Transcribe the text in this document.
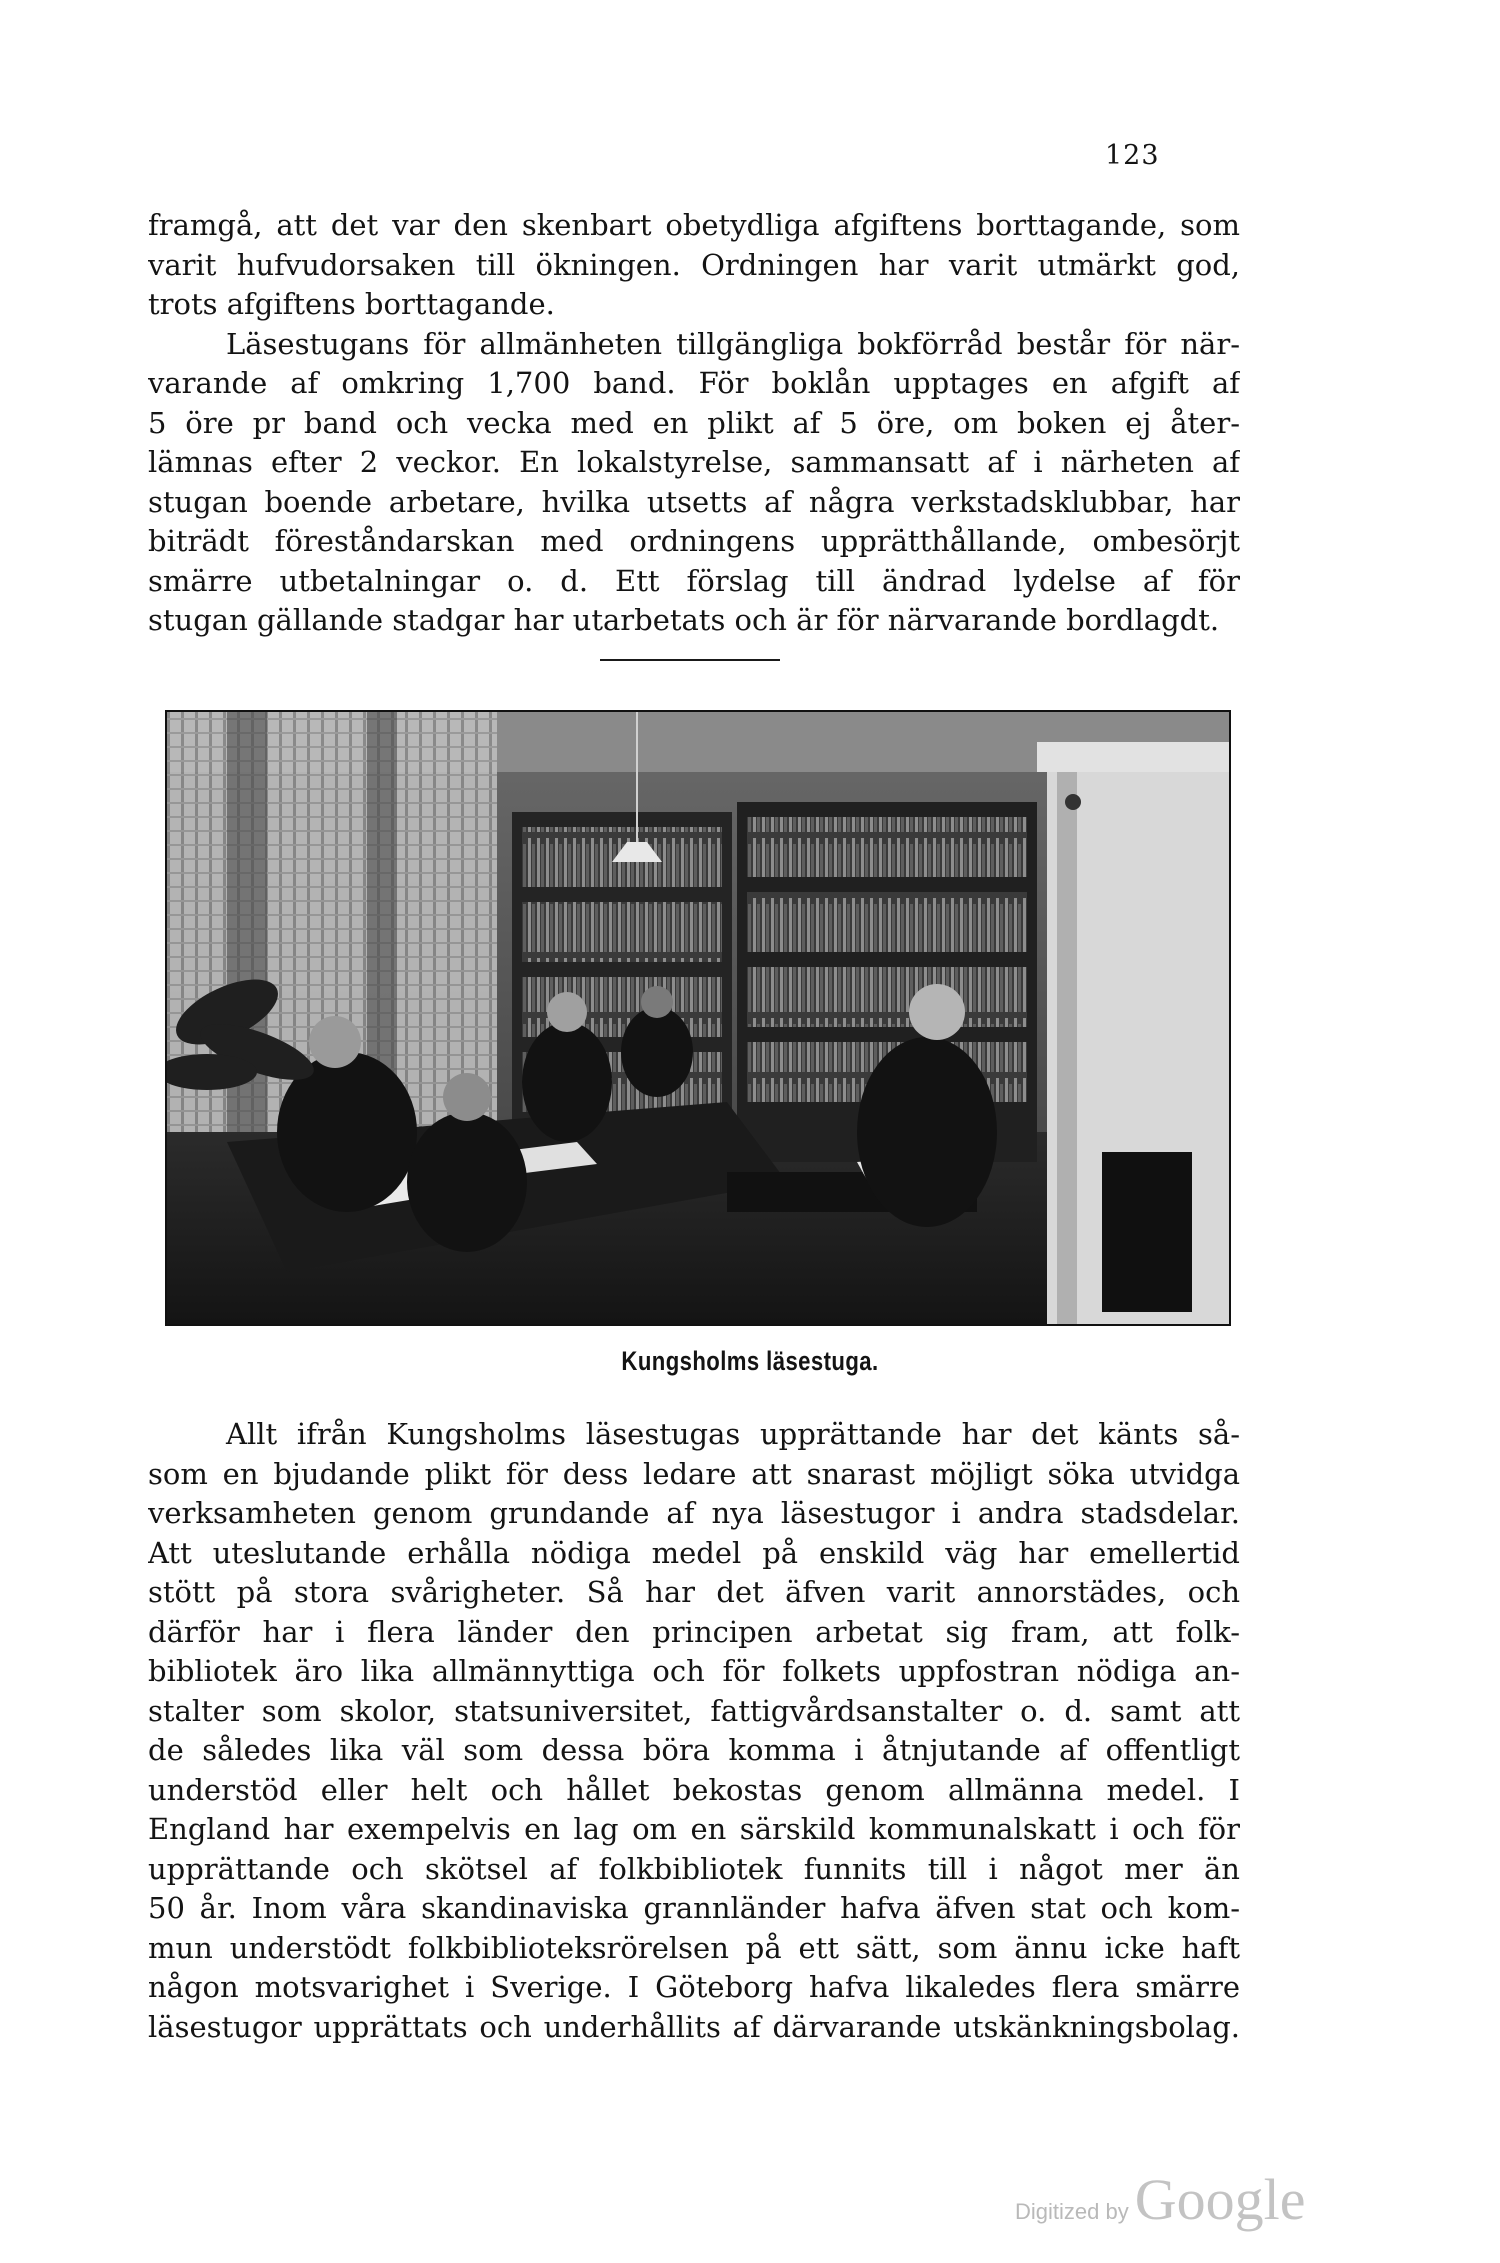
123
framgå, att det var den skenbart obetydliga afgiftens borttagande, som
varit hufvudorsaken till ökningen. Ordningen har varit utmärkt god,
trots afgiftens borttagande.
Läsestugans för allmänheten tillgängliga bokförråd består för när-
varande af omkring 1,700 band. För boklån upptages en afgift af
5 öre pr band och vecka med en plikt af 5 öre, om boken ej åter-
lämnas efter 2 veckor. En lokalstyrelse, sammansatt af i närheten af
stugan boende arbetare, hvilka utsetts af några verkstadsklubbar, har
biträdt föreståndarskan med ordningens upprätthållande, ombesörjt
smärre utbetalningar o. d. Ett förslag till ändrad lydelse af för
stugan gällande stadgar har utarbetats och är för närvarande bordlagdt.
Kungsholms läsestuga.
Allt ifrån Kungsholms läsestugas upprättande har det känts så-
som en bjudande plikt för dess ledare att snarast möjligt söka utvidga
verksamheten genom grundande af nya läsestugor i andra stadsdelar.
Att uteslutande erhålla nödiga medel på enskild väg har emellertid
stött på stora svårigheter. Så har det äfven varit annorstädes, och
därför har i flera länder den principen arbetat sig fram, att folk-
bibliotek äro lika allmännyttiga och för folkets uppfostran nödiga an-
stalter som skolor, statsuniversitet, fattigvårdsanstalter o. d. samt att
de således lika väl som dessa böra komma i åtnjutande af offentligt
understöd eller helt och hållet bekostas genom allmänna medel. I
England har exempelvis en lag om en särskild kommunalskatt i och för
upprättande och skötsel af folkbibliotek funnits till i något mer än
50 år. Inom våra skandinaviska grannländer hafva äfven stat och kom-
mun understödt folkbiblioteksrörelsen på ett sätt, som ännu icke haft
någon motsvarighet i Sverige. I Göteborg hafva likaledes flera smärre
läsestugor upprättats och underhållits af därvarande utskänkningsbolag.
Digitized by Google
